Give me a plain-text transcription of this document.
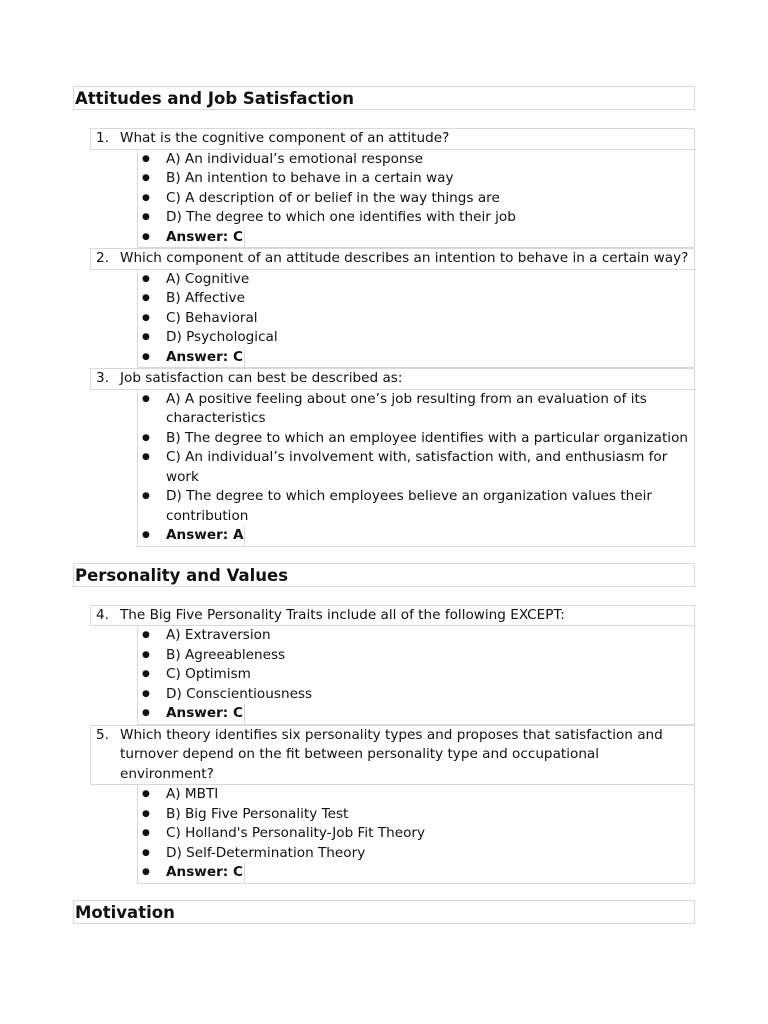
Attitudes and Job Satisfaction
1. What is the cognitive component of an attitude?
● A) An individual’s emotional response
● B) An intention to behave in a certain way
● C) A description of or belief in the way things are
● D) The degree to which one identifies with their job
● Answer: C
2. Which component of an attitude describes an intention to behave in a certain way?
● A) Cognitive
● B) Affective
● C) Behavioral
● D) Psychological
● Answer: C
3. Job satisfaction can best be described as:
● A) A positive feeling about one’s job resulting from an evaluation of its characteristics
● B) The degree to which an employee identifies with a particular organization
● C) An individual’s involvement with, satisfaction with, and enthusiasm for work
● D) The degree to which employees believe an organization values their contribution
● Answer: A
Personality and Values
4. The Big Five Personality Traits include all of the following EXCEPT:
● A) Extraversion
● B) Agreeableness
● C) Optimism
● D) Conscientiousness
● Answer: C
5. Which theory identifies six personality types and proposes that satisfaction and turnover depend on the fit between personality type and occupational environment?
● A) MBTI
● B) Big Five Personality Test
● C) Holland's Personality-Job Fit Theory
● D) Self-Determination Theory
● Answer: C
Motivation
